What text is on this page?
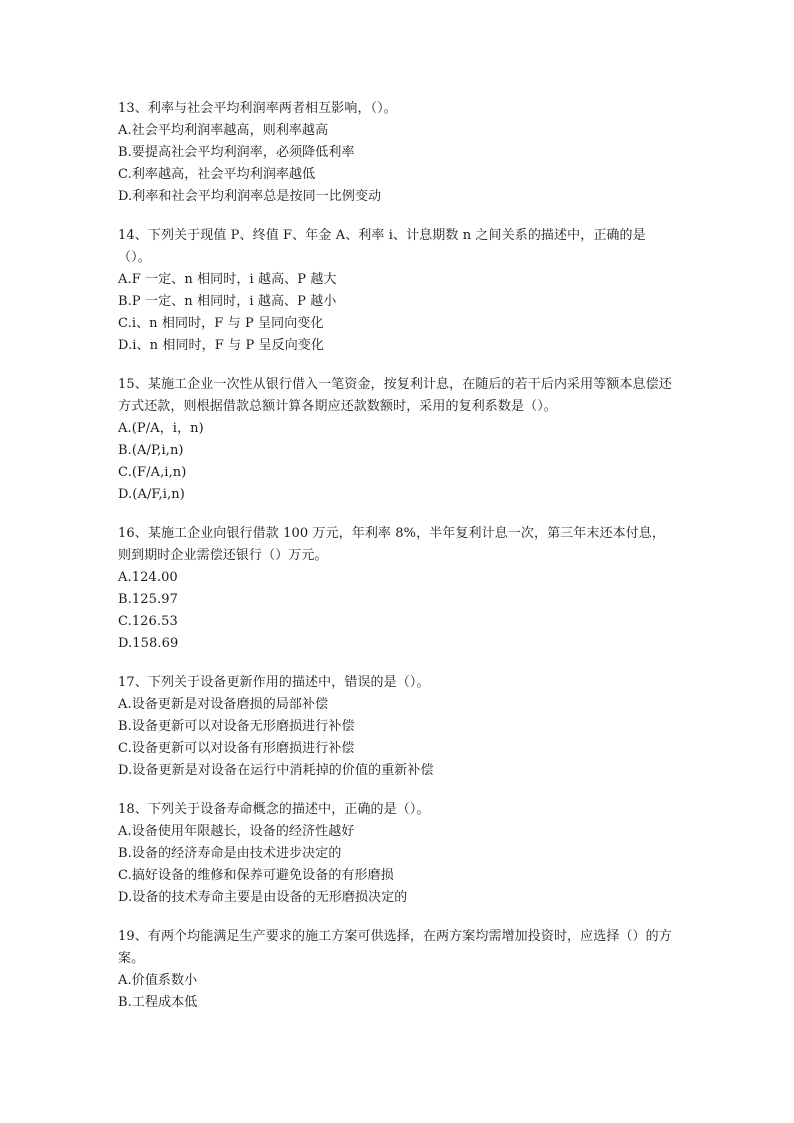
13、利率与社会平均利润率两者相互影响，（）。
A.社会平均利润率越高，则利率越高
B.要提高社会平均利润率，必须降低利率
C.利率越高，社会平均利润率越低
D.利率和社会平均利润率总是按同一比例变动
14、下列关于现值 P、终值 F、年金 A、利率 i、计息期数 n 之间关系的描述中，正确的是（）。
A.F 一定、n 相同时，i 越高、P 越大
B.P 一定、n 相同时，i 越高、P 越小
C.i、n 相同时，F 与 P 呈同向变化
D.i、n 相同时，F 与 P 呈反向变化
15、某施工企业一次性从银行借入一笔资金，按复利计息，在随后的若干后内采用等额本息偿还方式还款，则根据借款总额计算各期应还款数额时，采用的复利系数是（）。
A.(P/A，i，n)
B.(A/P,i,n)
C.(F/A,i,n)
D.(A/F,i,n)
16、某施工企业向银行借款 100 万元，年利率 8%，半年复利计息一次，第三年末还本付息，则到期时企业需偿还银行（）万元。
A.124.00
B.125.97
C.126.53
D.158.69
17、下列关于设备更新作用的描述中，错误的是（）。
A.设备更新是对设备磨损的局部补偿
B.设备更新可以对设备无形磨损进行补偿
C.设备更新可以对设备有形磨损进行补偿
D.设备更新是对设备在运行中消耗掉的价值的重新补偿
18、下列关于设备寿命概念的描述中，正确的是（）。
A.设备使用年限越长，设备的经济性越好
B.设备的经济寿命是由技术进步决定的
C.搞好设备的维修和保养可避免设备的有形磨损
D.设备的技术寿命主要是由设备的无形磨损决定的
19、有两个均能满足生产要求的施工方案可供选择，在两方案均需增加投资时，应选择（）的方案。
A.价值系数小
B.工程成本低
